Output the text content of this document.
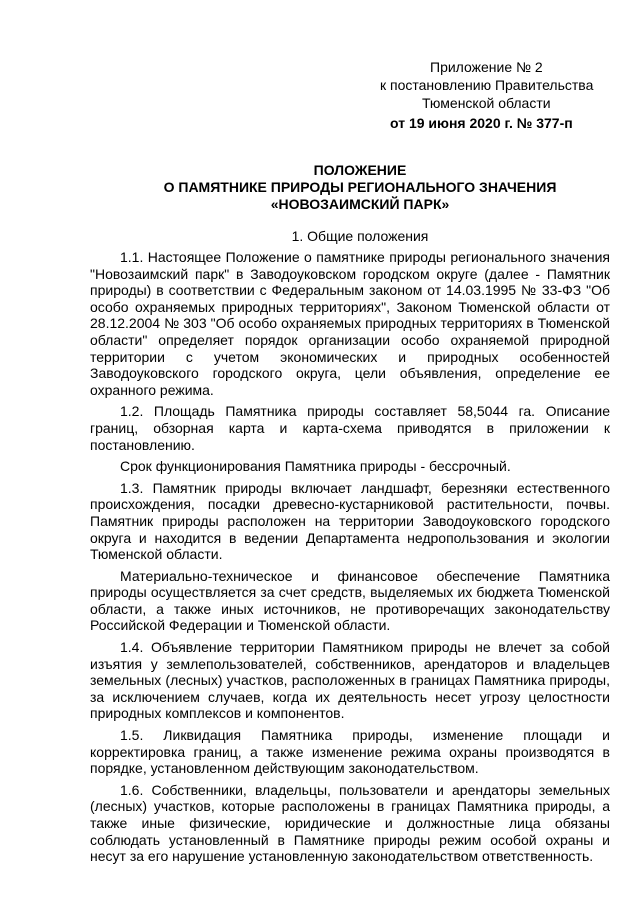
Приложение № 2
к постановлению Правительства
Тюменской области
от 19 июня 2020 г. № 377-п
ПОЛОЖЕНИЕ
О ПАМЯТНИКЕ ПРИРОДЫ РЕГИОНАЛЬНОГО ЗНАЧЕНИЯ
«НОВОЗАИМСКИЙ ПАРК»
1. Общие положения

1.1. Настоящее Положение о памятнике природы регионального значения "Новозаимский парк" в Заводоуковском городском округе (далее - Памятник природы) в соответствии с Федеральным законом от 14.03.1995 № 33-ФЗ "Об особо охраняемых природных территориях", Законом Тюменской области от 28.12.2004 № 303 "Об особо охраняемых природных территориях в Тюменской области" определяет порядок организации особо охраняемой природной территории с учетом экономических и природных особенностей Заводоуковского городского округа, цели объявления, определение ее охранного режима.

1.2. Площадь Памятника природы составляет 58,5044 га. Описание границ, обзорная карта и карта-схема приводятся в приложении к постановлению.

Срок функционирования Памятника природы - бессрочный.

1.3. Памятник природы включает ландшафт, березняки естественного происхождения, посадки древесно-кустарниковой растительности, почвы. Памятник природы расположен на территории Заводоуковского городского округа и находится в ведении Департамента недропользования и экологии Тюменской области.

Материально-техническое и финансовое обеспечение Памятника природы осуществляется за счет средств, выделяемых их бюджета Тюменской области, а также иных источников, не противоречащих законодательству Российской Федерации и Тюменской области.

1.4. Объявление территории Памятником природы не влечет за собой изъятия у землепользователей, собственников, арендаторов и владельцев земельных (лесных) участков, расположенных в границах Памятника природы, за исключением случаев, когда их деятельность несет угрозу целостности природных комплексов и компонентов.

1.5. Ликвидация Памятника природы, изменение площади и корректировка границ, а также изменение режима охраны производятся в порядке, установленном действующим законодательством.

1.6. Собственники, владельцы, пользователи и арендаторы земельных (лесных) участков, которые расположены в границах Памятника природы, а также иные физические, юридические и должностные лица обязаны соблюдать установленный в Памятнике природы режим особой охраны и несут за его нарушение установленную законодательством ответственность.
